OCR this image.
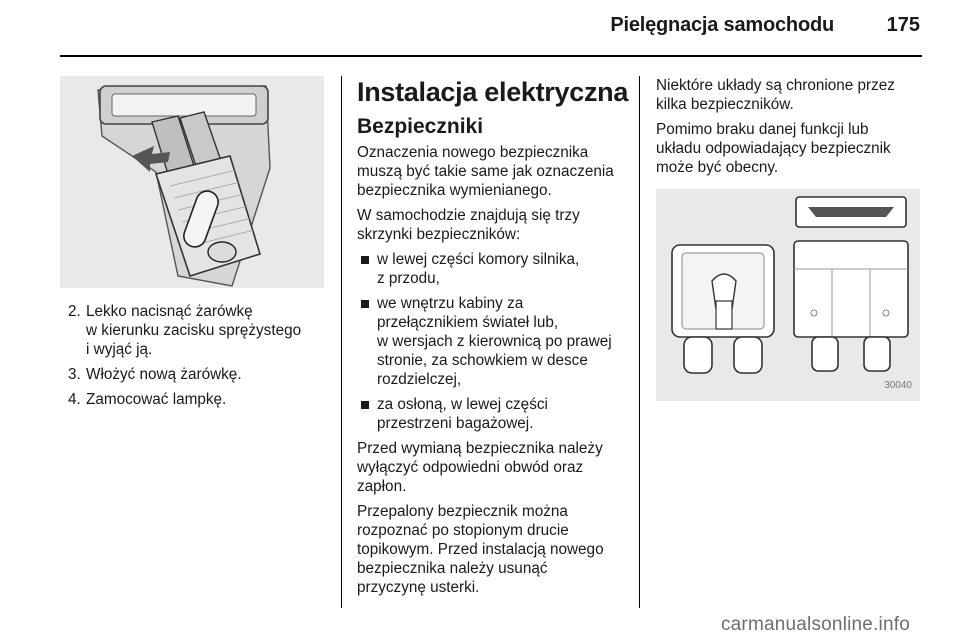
Pielęgnacja samochodu	175
2. Lekko nacisnąć żarówkę
w kierunku zacisku sprężystego
i wyjąć ją.
3. Włożyć nową żarówkę.
4. Zamocować lampkę.
Instalacja elektryczna
Bezpieczniki

Oznaczenia nowego bezpiecznika
muszą być takie same jak oznaczenia
bezpiecznika wymienianego.

W samochodzie znajdują się trzy
skrzynki bezpieczników:

w lewej części komory silnika,
z przodu,
we wnętrzu kabiny za
przełącznikiem świateł lub,
w wersjach z kierownicą po prawej
stronie, za schowkiem w desce
rozdzielczej,
za osłoną, w lewej części
przestrzeni bagażowej.

Przed wymianą bezpiecznika należy
wyłączyć odpowiedni obwód oraz
zapłon.

Przepalony bezpiecznik można
rozpoznać po stopionym drucie
topikowym. Przed instalacją nowego
bezpiecznika należy usunąć
przyczynę usterki.

Niektóre układy są chronione przez
kilka bezpieczników.

Pomimo braku danej funkcji lub
układu odpowiadający bezpiecznik
może być obecny.

30040
carmanualsonline.info
